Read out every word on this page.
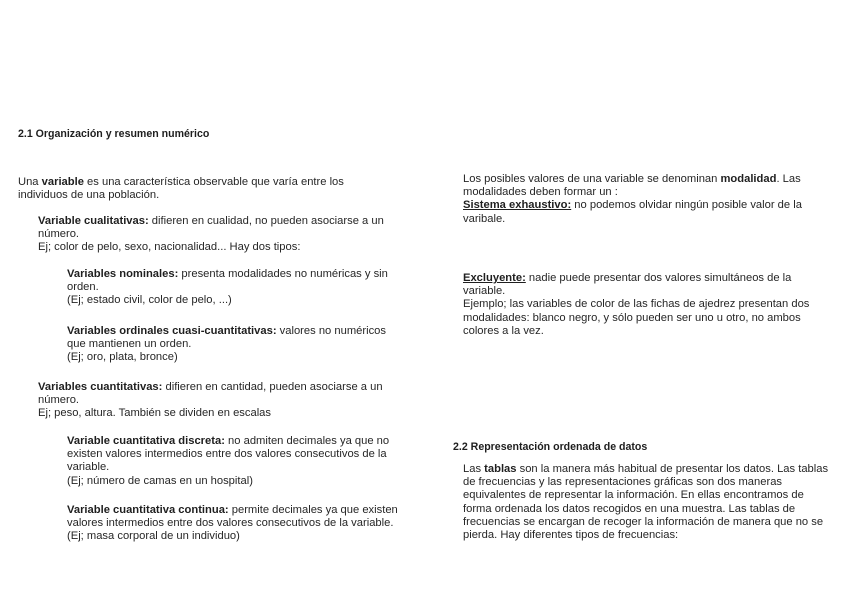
2.1 Organización y resumen numérico

Una variable es una característica observable que varía entre los individuos de una población.

Variable cualitativas: difieren en cualidad, no pueden asociarse a un número.

Ej; color de pelo, sexo, nacionalidad... Hay dos tipos:

Variables nominales: presenta modalidades no numéricas y sin orden.

(Ej; estado civil, color de pelo, ...)

Variables ordinales cuasi-cuantitativas: valores no numéricos que mantienen un orden.

(Ej; oro, plata, bronce)

Variables cuantitativas: difieren en cantidad, pueden asociarse a un número.

Ej; peso, altura. También se dividen en escalas

Variable cuantitativa discreta: no admiten decimales ya que no existen valores intermedios entre dos valores consecutivos de la variable.

(Ej; número de camas en un hospital)

Variable cuantitativa continua: permite decimales ya que existen valores intermedios entre dos valores consecutivos de la variable.

(Ej; masa corporal de un individuo)

Los posibles valores de una variable se denominan modalidad. Las modalidades deben formar un :

Sistema exhaustivo: no podemos olvidar ningún posible valor de la varibale.

Excluyente: nadie puede presentar dos valores simultáneos de la variable.

Ejemplo; las variables de color de las fichas de ajedrez presentan dos modalidades: blanco negro, y sólo pueden ser uno u otro, no ambos colores a la vez.

2.2 Representación ordenada de datos

Las tablas son la manera más habitual de presentar los datos. Las tablas de frecuencias y las representaciones gráficas son dos maneras equivalentes de representar la información. En ellas encontramos de forma ordenada los datos recogidos en una muestra. Las tablas de frecuencias se encargan de recoger la información de manera que no se pierda. Hay diferentes tipos de frecuencias:
